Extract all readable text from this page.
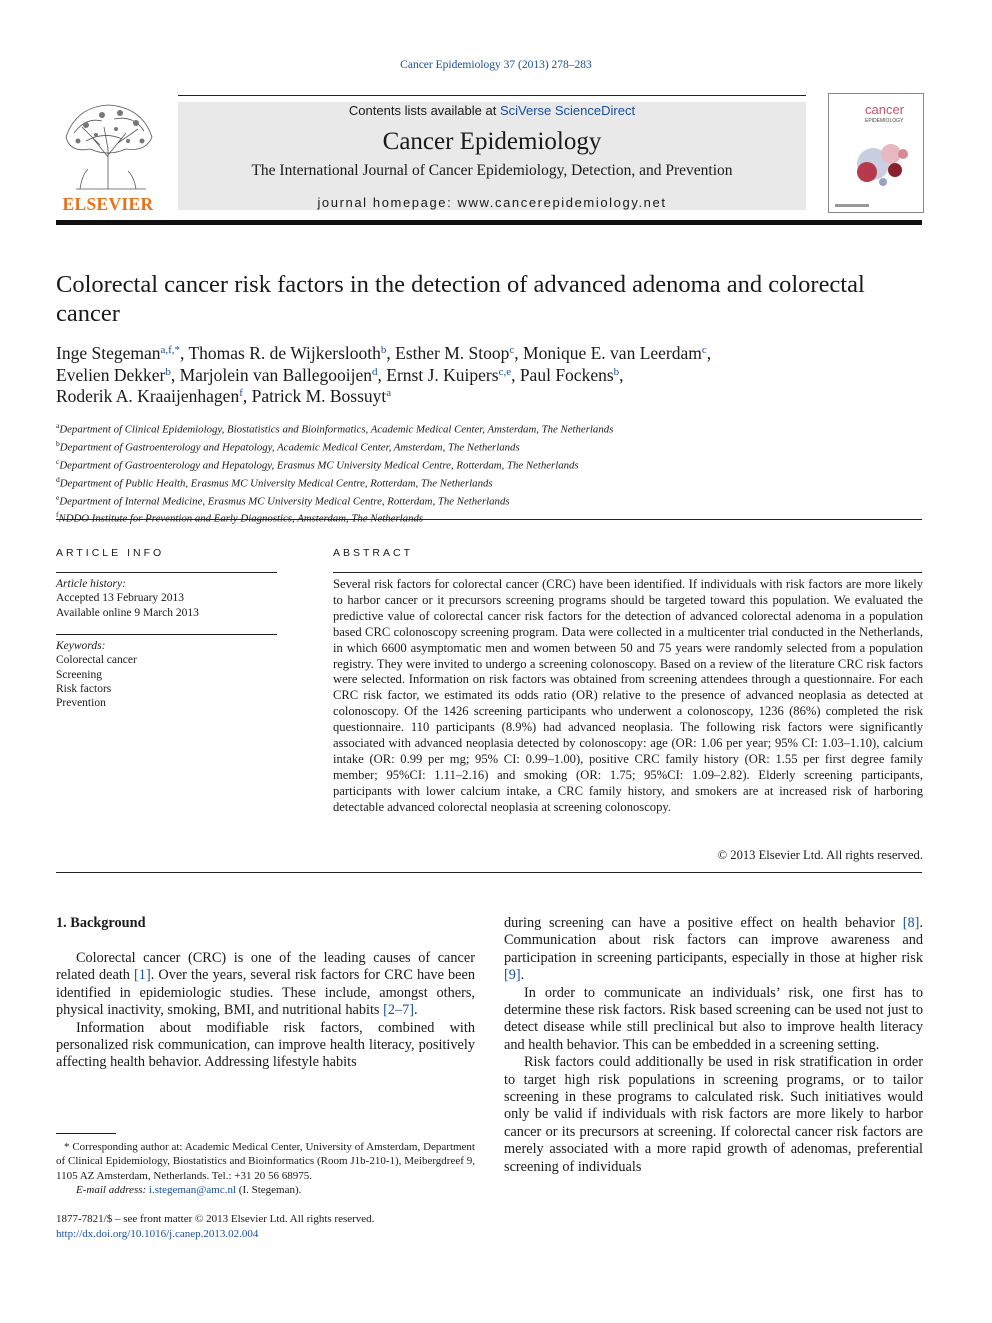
Cancer Epidemiology 37 (2013) 278–283
ELSEVIER
Contents lists available at SciVerse ScienceDirect
Cancer Epidemiology
The International Journal of Cancer Epidemiology, Detection, and Prevention
journal homepage: www.cancerepidemiology.net
cancer
EPIDEMIOLOGY
Colorectal cancer risk factors in the detection of advanced adenoma and colorectal cancer
Inge Stegeman$^{a,f,*}$, Thomas R. de Wijkerslooth$^b$, Esther M. Stoop$^c$, Monique E. van Leerdam$^c$,
Evelien Dekker$^b$, Marjolein van Ballegooijen$^d$, Ernst J. Kuipers$^{c,e}$, Paul Fockens$^b$,
Roderik A. Kraaijenhagen$^f$, Patrick M. Bossuyt$^a$
$^a$Department of Clinical Epidemiology, Biostatistics and Bioinformatics, Academic Medical Center, Amsterdam, The Netherlands
$^b$Department of Gastroenterology and Hepatology, Academic Medical Center, Amsterdam, The Netherlands
$^c$Department of Gastroenterology and Hepatology, Erasmus MC University Medical Centre, Rotterdam, The Netherlands
$^d$Department of Public Health, Erasmus MC University Medical Centre, Rotterdam, The Netherlands
$^e$Department of Internal Medicine, Erasmus MC University Medical Centre, Rotterdam, The Netherlands
$^f$NDDO Institute for Prevention and Early Diagnostics, Amsterdam, The Netherlands
ARTICLE INFO
Article history:
Accepted 13 February 2013
Available online 9 March 2013
Keywords:
Colorectal cancer
Screening
Risk factors
Prevention
ABSTRACT
Several risk factors for colorectal cancer (CRC) have been identified. If individuals with risk factors are more likely to harbor cancer or it precursors screening programs should be targeted toward this population. We evaluated the predictive value of colorectal cancer risk factors for the detection of advanced colorectal adenoma in a population based CRC colonoscopy screening program. Data were collected in a multicenter trial conducted in the Netherlands, in which 6600 asymptomatic men and women between 50 and 75 years were randomly selected from a population registry. They were invited to undergo a screening colonoscopy. Based on a review of the literature CRC risk factors were selected. Information on risk factors was obtained from screening attendees through a questionnaire. For each CRC risk factor, we estimated its odds ratio (OR) relative to the presence of advanced neoplasia as detected at colonoscopy. Of the 1426 screening participants who underwent a colonoscopy, 1236 (86%) completed the risk questionnaire. 110 participants (8.9%) had advanced neoplasia. The following risk factors were significantly associated with advanced neoplasia detected by colonoscopy: age (OR: 1.06 per year; 95% CI: 1.03–1.10), calcium intake (OR: 0.99 per mg; 95% CI: 0.99–1.00), positive CRC family history (OR: 1.55 per first degree family member; 95%CI: 1.11–2.16) and smoking (OR: 1.75; 95%CI: 1.09–2.82). Elderly screening participants, participants with lower calcium intake, a CRC family history, and smokers are at increased risk of harboring detectable advanced colorectal neoplasia at screening colonoscopy.
© 2013 Elsevier Ltd. All rights reserved.
1. Background

Colorectal cancer (CRC) is one of the leading causes of cancer related death [1]. Over the years, several risk factors for CRC have been identified in epidemiologic studies. These include, amongst others, physical inactivity, smoking, BMI, and nutritional habits [2–7].

Information about modifiable risk factors, combined with personalized risk communication, can improve health literacy, positively affecting health behavior. Addressing lifestyle habits

during screening can have a positive effect on health behavior [8]. Communication about risk factors can improve awareness and participation in screening participants, especially in those at higher risk [9].

In order to communicate an individuals’ risk, one first has to determine these risk factors. Risk based screening can be used not just to detect disease while still preclinical but also to improve health literacy and health behavior. This can be embedded in a screening setting.

Risk factors could additionally be used in risk stratification in order to target high risk populations in screening programs, or to tailor screening in these programs to calculated risk. Such initiatives would only be valid if individuals with risk factors are more likely to harbor cancer or its precursors at screening. If colorectal cancer risk factors are merely associated with a more rapid growth of adenomas, preferential screening of individuals

* Corresponding author at: Academic Medical Center, University of Amsterdam, Department of Clinical Epidemiology, Biostatistics and Bioinformatics (Room J1b-210-1), Meibergdreef 9, 1105 AZ Amsterdam, Netherlands. Tel.: +31 20 56 68975.
E-mail address: i.stegeman@amc.nl (I. Stegeman).
1877-7821/$ – see front matter © 2013 Elsevier Ltd. All rights reserved.
http://dx.doi.org/10.1016/j.canep.2013.02.004
